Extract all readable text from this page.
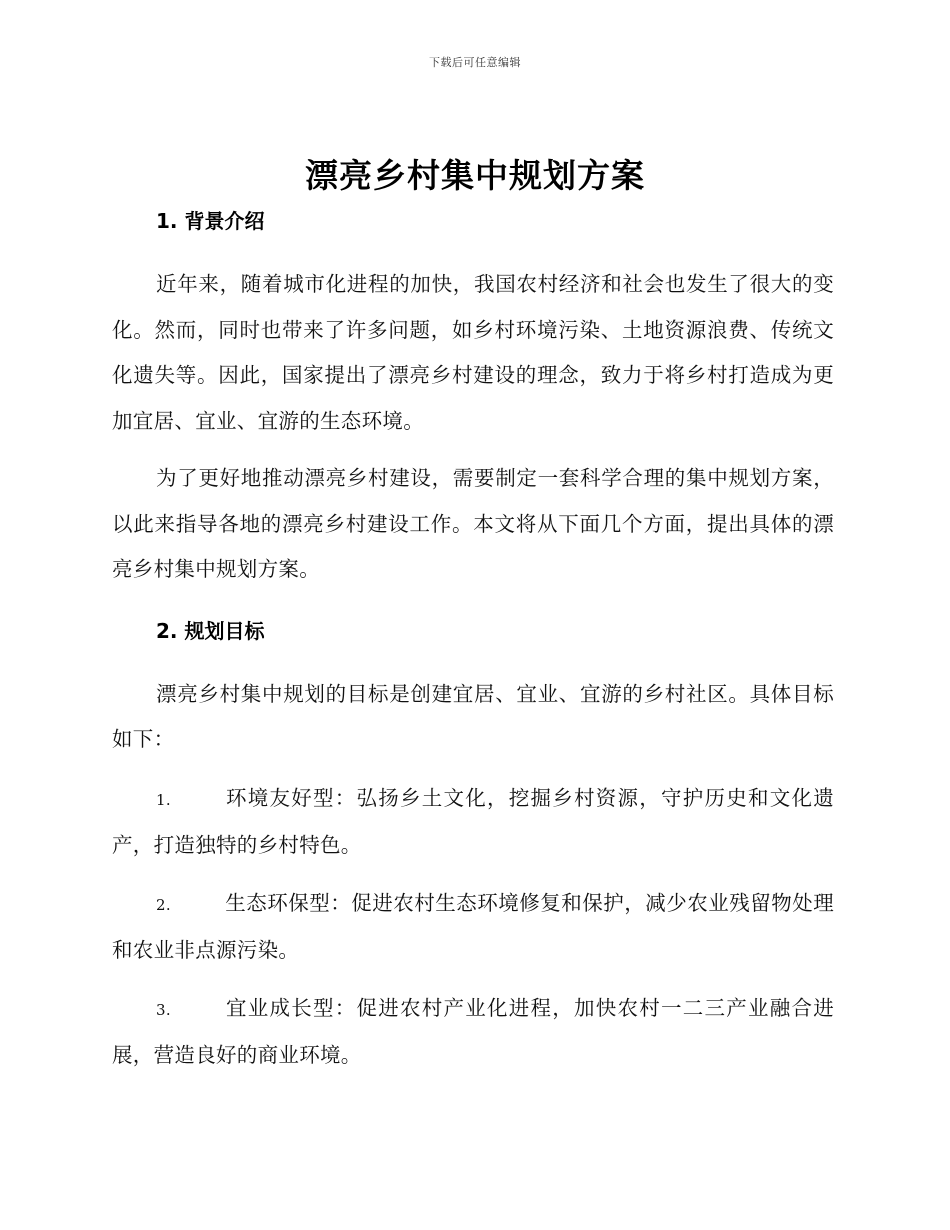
下载后可任意编辑
漂亮乡村集中规划方案
1. 背景介绍

近年来，随着城市化进程的加快，我国农村经济和社会也发生了很大的变化。然而，同时也带来了许多问题，如乡村环境污染、土地资源浪费、传统文化遗失等。因此，国家提出了漂亮乡村建设的理念，致力于将乡村打造成为更加宜居、宜业、宜游的生态环境。

为了更好地推动漂亮乡村建设，需要制定一套科学合理的集中规划方案，以此来指导各地的漂亮乡村建设工作。本文将从下面几个方面，提出具体的漂亮乡村集中规划方案。

2. 规划目标

漂亮乡村集中规划的目标是创建宜居、宜业、宜游的乡村社区。具体目标如下：

1.	环境友好型：弘扬乡土文化，挖掘乡村资源，守护历史和文化遗产，打造独特的乡村特色。

2.	生态环保型：促进农村生态环境修复和保护，减少农业残留物处理和农业非点源污染。

3.	宜业成长型：促进农村产业化进程，加快农村一二三产业融合进展，营造良好的商业环境。
